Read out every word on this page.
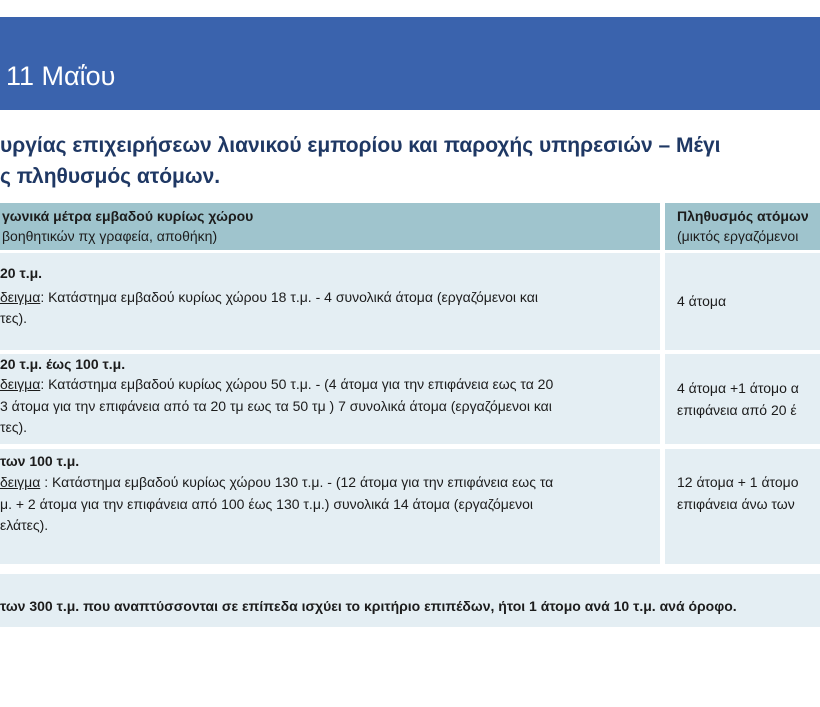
11 Μαΐου
υργίας επιχειρήσεων λιανικού εμπορίου και παροχής υπηρεσιών – Μέγι
ς πληθυσμός ατόμων.
γωνικά μέτρα εμβαδού κυρίως χώρου
βοηθητικών πχ γραφεία, αποθήκη)
Πληθυσμός ατόμων
(μικτός εργαζόμενοι
20 τ.μ.
δειγμα: Κατάστημα εμβαδού κυρίως χώρου 18 τ.μ. - 4 συνολικά άτομα (εργαζόμενοι και
τες).
4 άτομα
20 τ.μ. έως 100 τ.μ.
δειγμα: Κατάστημα εμβαδού κυρίως χώρου 50 τ.μ. - (4 άτομα για την επιφάνεια εως τα 20
3 άτομα για την επιφάνεια από τα 20 τμ εως τα 50 τμ ) 7 συνολικά άτομα (εργαζόμενοι και
τες).
4 άτομα +1 άτομο α
επιφάνεια από 20 έ
των 100 τ.μ.
δειγμα : Κατάστημα εμβαδού κυρίως χώρου 130 τ.μ. - (12 άτομα για την επιφάνεια εως τα
μ. + 2 άτομα για την επιφάνεια από 100 έως 130 τ.μ.) συνολικά 14 άτομα (εργαζόμενοι
ελάτες).
12 άτομα + 1 άτομο
επιφάνεια άνω των
των 300 τ.μ. που αναπτύσσονται σε επίπεδα ισχύει το κριτήριο επιπέδων, ήτοι 1 άτομο ανά 10 τ.μ. ανά όροφο.
